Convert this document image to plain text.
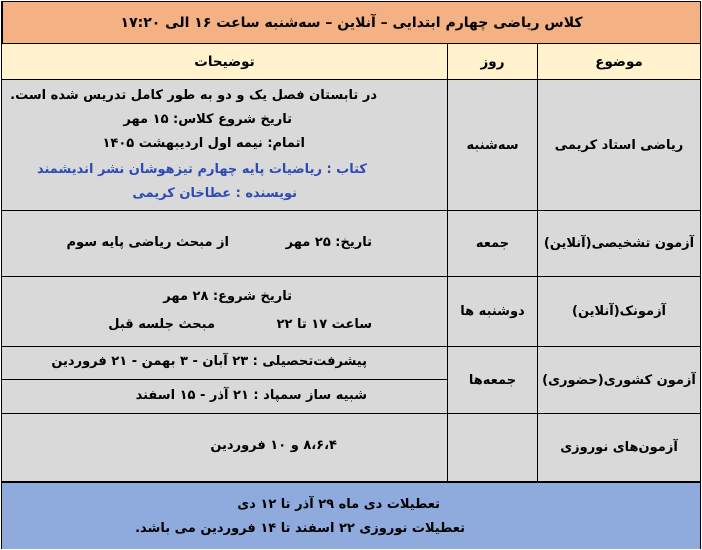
کلاس ریاضی چهارم ابتدایی – آنلاین – سه‌شنبه ساعت ۱۶ الی ۱۷:۲۰
موضوع
روز
توضیحات
ریاضی استاد کریمی
سه‌شنبه
در تابستان فصل یک و دو به طور کامل تدریس شده است.
تاریخ شروع کلاس: ۱۵ مهر
اتمام: نیمه اول اردیبهشت ۱۴۰۵
کتاب : ریاضیات پایه چهارم تیزهوشان نشر اندیشمند
نویسنده : عطاخان کریمی
آزمون تشخیصی(آنلاین)
جمعه
تاریخ: ۲۵ مهر
از مبحث ریاضی پایه سوم
آزمونک(آنلاین)
دوشنبه ها
تاریخ شروع: ۲۸ مهر
ساعت ۱۷ تا ۲۲
مبحث جلسه قبل
آزمون کشوری(حضوری)
جمعه‌ها
پیشرفت‌تحصیلی : ۲۳ آبان - ۳ بهمن - ۲۱ فروردین
شبیه ساز سمپاد : ۲۱ آذر - ۱۵ اسفند
آزمون‌های نوروزی
۸،۶،۴ و ۱۰ فروردین
تعطیلات دی ماه ۲۹ آذر تا ۱۲ دی
تعطیلات نوروزی ۲۲ اسفند تا ۱۴ فروردین می باشد.
